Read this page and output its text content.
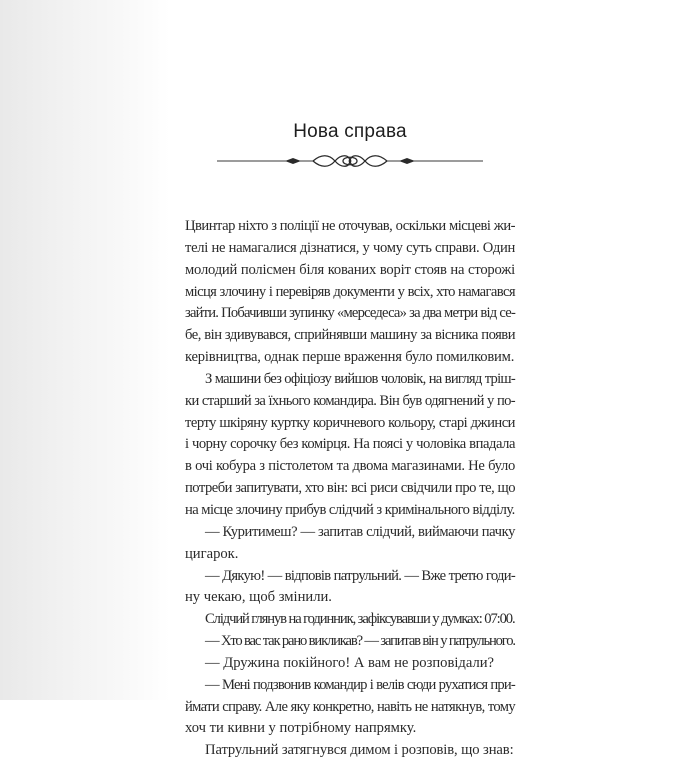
Нова справа
Цвинтар ніхто з поліції не оточував, оскільки місцеві жи-
телі не намагалися дізнатися, у чому суть справи. Один
молодий полісмен біля кованих воріт стояв на сторожі
місця злочину і перевіряв документи у всіх, хто намагався
зайти. Побачивши зупинку «мерседеса» за два метри від се-
бе, він здивувався, сприйнявши машину за вісника появи
керівництва, однак перше враження було помилковим.
З машини без офіціозу вийшов чоловік, на вигляд тріш-
ки старший за їхнього командира. Він був одягнений у по-
терту шкіряну куртку коричневого кольору, старі джинси
і чорну сорочку без комірця. На поясі у чоловіка впадала
в очі кобура з пістолетом та двома магазинами. Не було
потреби запитувати, хто він: всі риси свідчили про те, що
на місце злочину прибув слідчий з кримінального відділу.
— Куритимеш? — запитав слідчий, виймаючи пачку
цигарок.
— Дякую! — відповів патрульний. — Вже третю годи-
ну чекаю, щоб змінили.
Слідчий глянув на годинник, зафіксувавши у думках: 07:00.
— Хто вас так рано викликав? — запитав він у патрульного.
— Дружина покійного! А вам не розповідали?
— Мені подзвонив командир і велів сюди рухатися при-
ймати справу. Але яку конкретно, навіть не натякнув, тому
хоч ти кивни у потрібному напрямку.
Патрульний затягнувся димом і розповів, що знав:
